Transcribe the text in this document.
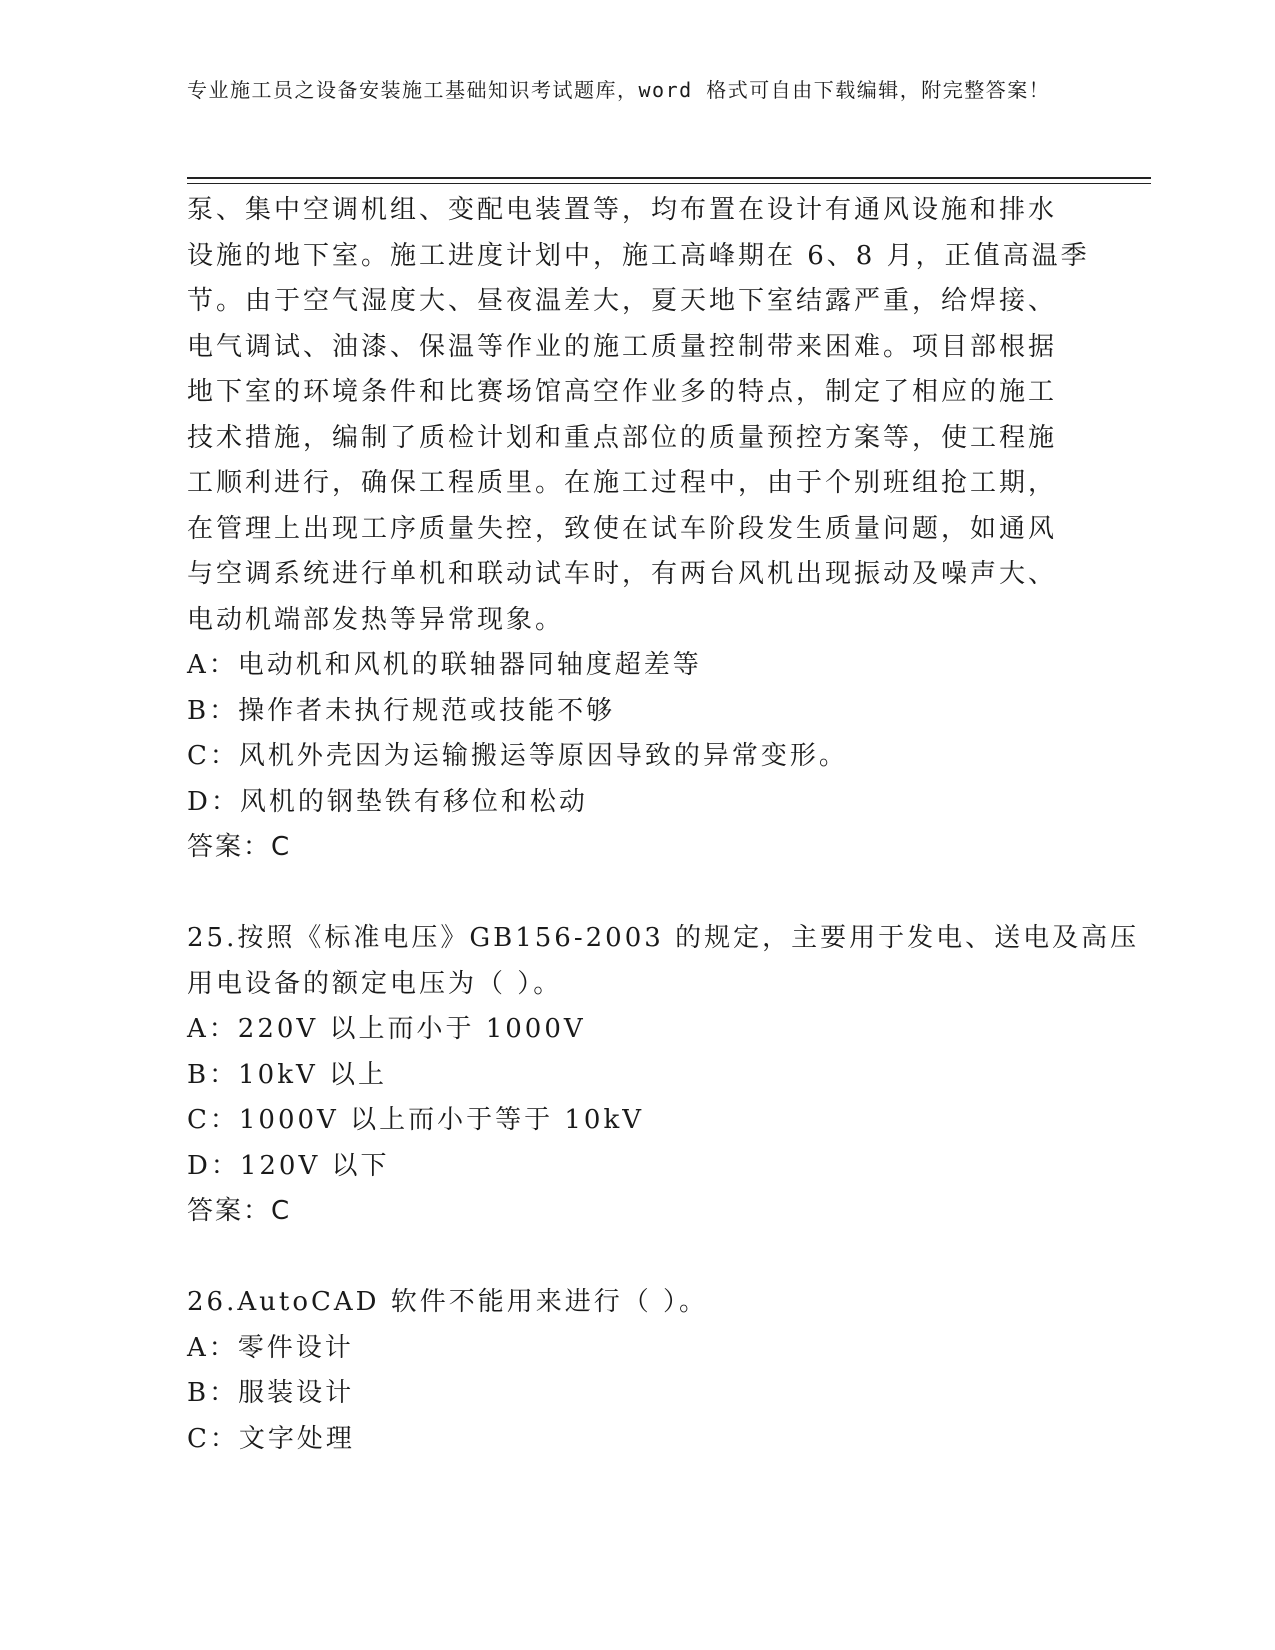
专业施工员之设备安装施工基础知识考试题库，word 格式可自由下载编辑，附完整答案！
泵、集中空调机组、变配电装置等，均布置在设计有通风设施和排水
设施的地下室。施工进度计划中，施工高峰期在 6、8 月，正值高温季
节。由于空气湿度大、昼夜温差大，夏天地下室结露严重，给焊接、
电气调试、油漆、保温等作业的施工质量控制带来困难。项目部根据
地下室的环境条件和比赛场馆高空作业多的特点，制定了相应的施工
技术措施，编制了质检计划和重点部位的质量预控方案等，使工程施
工顺利进行，确保工程质里。在施工过程中，由于个别班组抢工期，
在管理上出现工序质量失控，致使在试车阶段发生质量问题，如通风
与空调系统进行单机和联动试车时，有两台风机出现振动及噪声大、
电动机端部发热等异常现象。
A：电动机和风机的联轴器同轴度超差等
B：操作者未执行规范或技能不够
C：风机外壳因为运输搬运等原因导致的异常变形。
D：风机的钢垫铁有移位和松动
答案：C
25.按照《标准电压》GB156-2003 的规定，主要用于发电、送电及高压
用电设备的额定电压为（ ）。
A：220V 以上而小于 1000V
B：10kV 以上
C：1000V 以上而小于等于 10kV
D：120V 以下
答案：C
26.AutoCAD 软件不能用来进行（ ）。
A：零件设计
B：服装设计
C：文字处理
